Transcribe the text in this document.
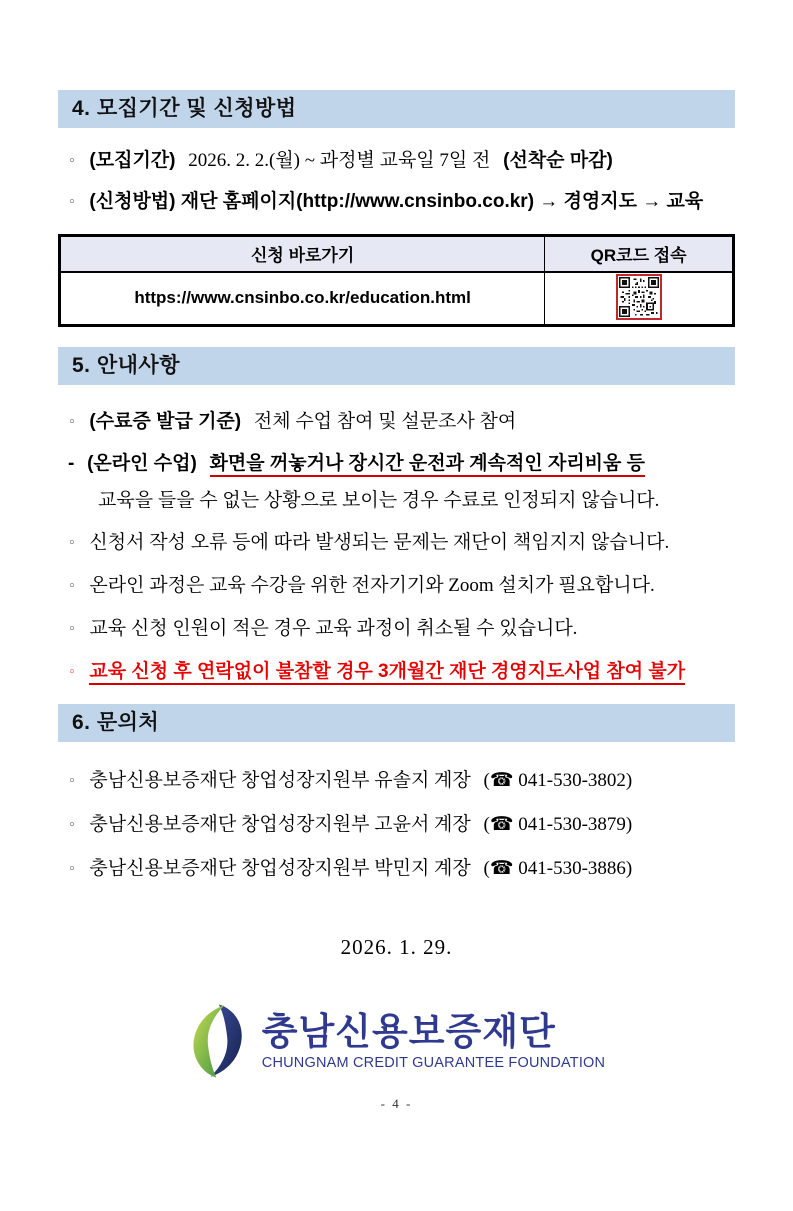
4. 모집기간 및 신청방법

◦ (모집기간) 2026. 2. 2.(월) ~ 과정별 교육일 7일 전 (선착순 마감)

◦ (신청방법) 재단 홈페이지(http://www.cnsinbo.co.kr) → 경영지도 → 교육

신청 바로가기	QR코드 접속
https://www.cnsinbo.co.kr/education.html	
5. 안내사항

◦ (수료증 발급 기준) 전체 수업 참여 및 설문조사 참여

- (온라인 수업) 화면을 꺼놓거나 장시간 운전과 계속적인 자리비움 등

교육을 들을 수 없는 상황으로 보이는 경우 수료로 인정되지 않습니다.

◦ 신청서 작성 오류 등에 따라 발생되는 문제는 재단이 책임지지 않습니다.

◦ 온라인 과정은 교육 수강을 위한 전자기기와 Zoom 설치가 필요합니다.

◦ 교육 신청 인원이 적은 경우 교육 과정이 취소될 수 있습니다.

◦ 교육 신청 후 연락없이 불참할 경우 3개월간 재단 경영지도사업 참여 불가

6. 문의처

◦ 충남신용보증재단 창업성장지원부 유솔지 계장 (☎ 041-530-3802)

◦ 충남신용보증재단 창업성장지원부 고윤서 계장 (☎ 041-530-3879)

◦ 충남신용보증재단 창업성장지원부 박민지 계장 (☎ 041-530-3886)

2026. 1. 29.
충남신용보증재단
CHUNGNAM CREDIT GUARANTEE FOUNDATION
- 4 -
